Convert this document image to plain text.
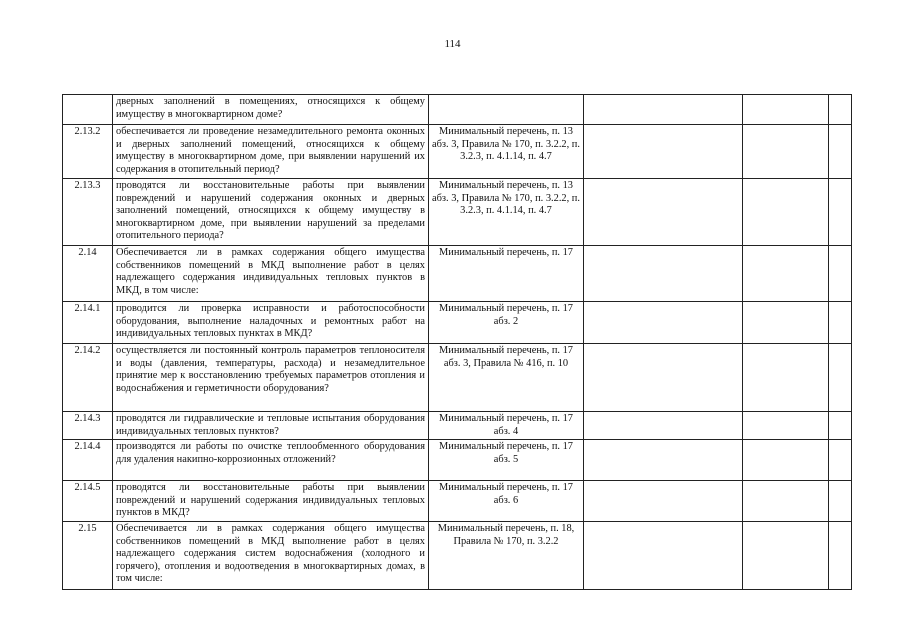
114
	дверных заполнений в помещениях, относящихся к общему имуществу в многоквартирном доме?				
2.13.2	обеспечивается ли проведение незамедлительного ремонта оконных и дверных заполнений помещений, относящихся к общему имуществу в многоквартирном доме, при выявлении нарушений их содержания в отопительный период?	Минимальный перечень, п. 13 абз. 3, Правила № 170, п. 3.2.2, п. 3.2.3, п. 4.1.14, п. 4.7			
2.13.3	проводятся ли восстановительные работы при выявлении повреждений и нарушений содержания оконных и дверных заполнений помещений, относящихся к общему имуществу в многоквартирном доме, при выявлении нарушений за пределами отопительного периода?	Минимальный перечень, п. 13 абз. 3, Правила № 170, п. 3.2.2, п. 3.2.3, п. 4.1.14, п. 4.7			
2.14	Обеспечивается ли в рамках содержания общего имущества собственников помещений в МКД выполнение работ в целях надлежащего содержания индивидуальных тепловых пунктов в МКД, в том числе:	Минимальный перечень, п. 17			
2.14.1	проводится ли проверка исправности и работоспособности оборудования, выполнение наладочных и ремонтных работ на индивидуальных тепловых пунктах в МКД?	Минимальный перечень, п. 17 абз. 2			
2.14.2	осуществляется ли постоянный контроль параметров теплоносителя и воды (давления, температуры, расхода) и незамедлительное принятие мер к восстановлению требуемых параметров отопления и водоснабжения и герметичности оборудования?	Минимальный перечень, п. 17 абз. 3, Правила № 416, п. 10			
2.14.3	проводятся ли гидравлические и тепловые испытания оборудования индивидуальных тепловых пунктов?	Минимальный перечень, п. 17 абз. 4			
2.14.4	производятся ли работы по очистке теплообменного оборудования для удаления накипно-коррозионных отложений?	Минимальный перечень, п. 17 абз. 5			
2.14.5	проводятся ли восстановительные работы при выявлении повреждений и нарушений содержания индивидуальных тепловых пунктов в МКД?	Минимальный перечень, п. 17 абз. 6			
2.15	Обеспечивается ли в рамках содержания общего имущества собственников помещений в МКД выполнение работ в целях надлежащего содержания систем водоснабжения (холодного и горячего), отопления и водоотведения в многоквартирных домах, в том числе:	Минимальный перечень, п. 18, Правила № 170, п. 3.2.2			
